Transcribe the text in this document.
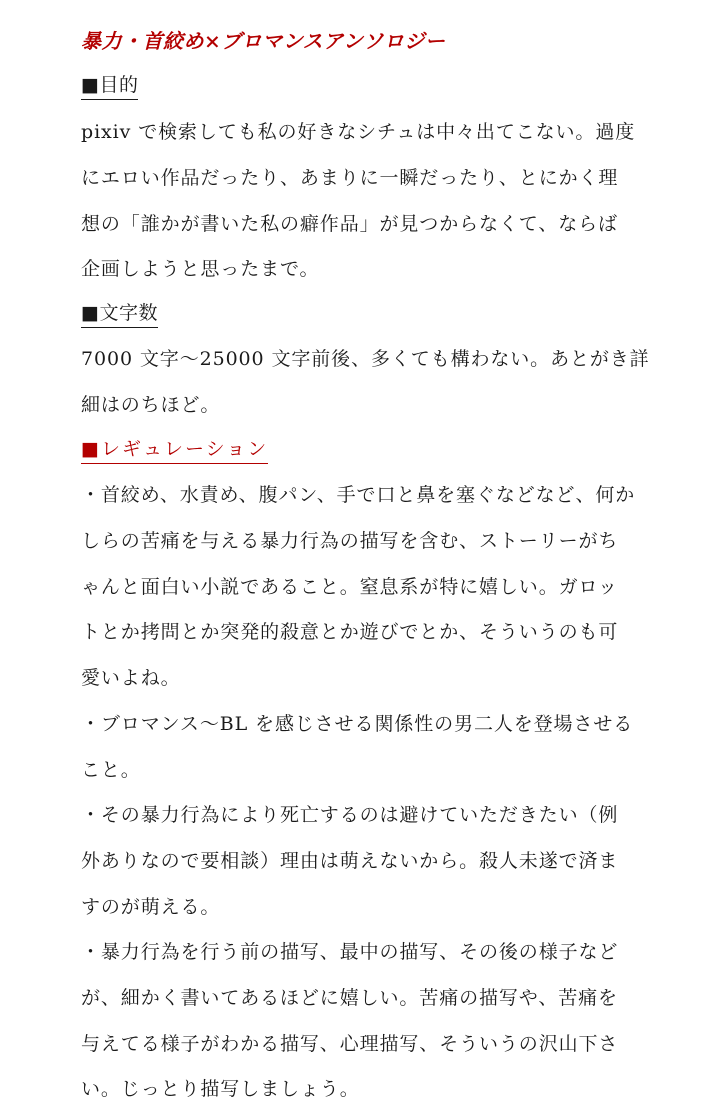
暴力・首絞め×ブロマンスアンソロジー
■目的

pixiv で検索しても私の好きなシチュは中々出てこない。過度
にエロい作品だったり、あまりに一瞬だったり、とにかく理
想の「誰かが書いた私の癖作品」が見つからなくて、ならば
企画しようと思ったまで。

■文字数

7000 文字〜25000 文字前後、多くても構わない。あとがき詳
細はのちほど。

■レギュレーション

・首絞め、水責め、腹パン、手で口と鼻を塞ぐなどなど、何か
しらの苦痛を与える暴力行為の描写を含む、ストーリーがち
ゃんと面白い小説であること。窒息系が特に嬉しい。ガロッ
トとか拷問とか突発的殺意とか遊びでとか、そういうのも可
愛いよね。

・ブロマンス〜BL を感じさせる関係性の男二人を登場させる
こと。

・その暴力行為により死亡するのは避けていただきたい（例
外ありなので要相談）理由は萌えないから。殺人未遂で済ま
すのが萌える。

・暴力行為を行う前の描写、最中の描写、その後の様子など
が、細かく書いてあるほどに嬉しい。苦痛の描写や、苦痛を
与えてる様子がわかる描写、心理描写、そういうの沢山下さ
い。じっとり描写しましょう。
